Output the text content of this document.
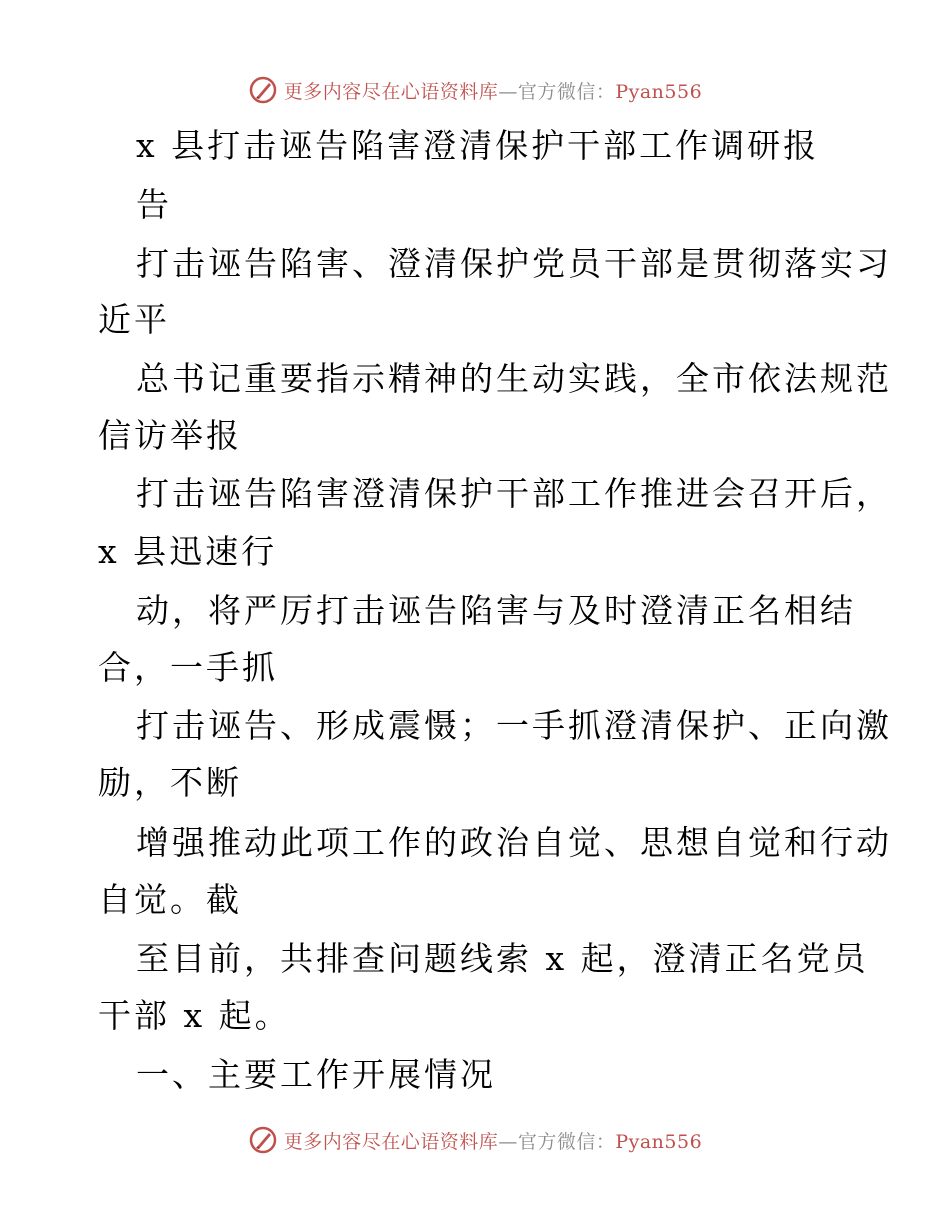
更多内容尽在心语资料库—官方微信：Pyan556
x 县打击诬告陷害澄清保护干部工作调研报
告
打击诬告陷害、澄清保护党员干部是贯彻落实习
近平
总书记重要指示精神的生动实践，全市依法规范
信访举报
打击诬告陷害澄清保护干部工作推进会召开后，
x 县迅速行
动，将严厉打击诬告陷害与及时澄清正名相结
合，一手抓
打击诬告、形成震慑；一手抓澄清保护、正向激
励，不断
增强推动此项工作的政治自觉、思想自觉和行动
自觉。截
至目前，共排查问题线索 x 起，澄清正名党员
干部 x 起。
一、主要工作开展情况
更多内容尽在心语资料库—官方微信：Pyan556
